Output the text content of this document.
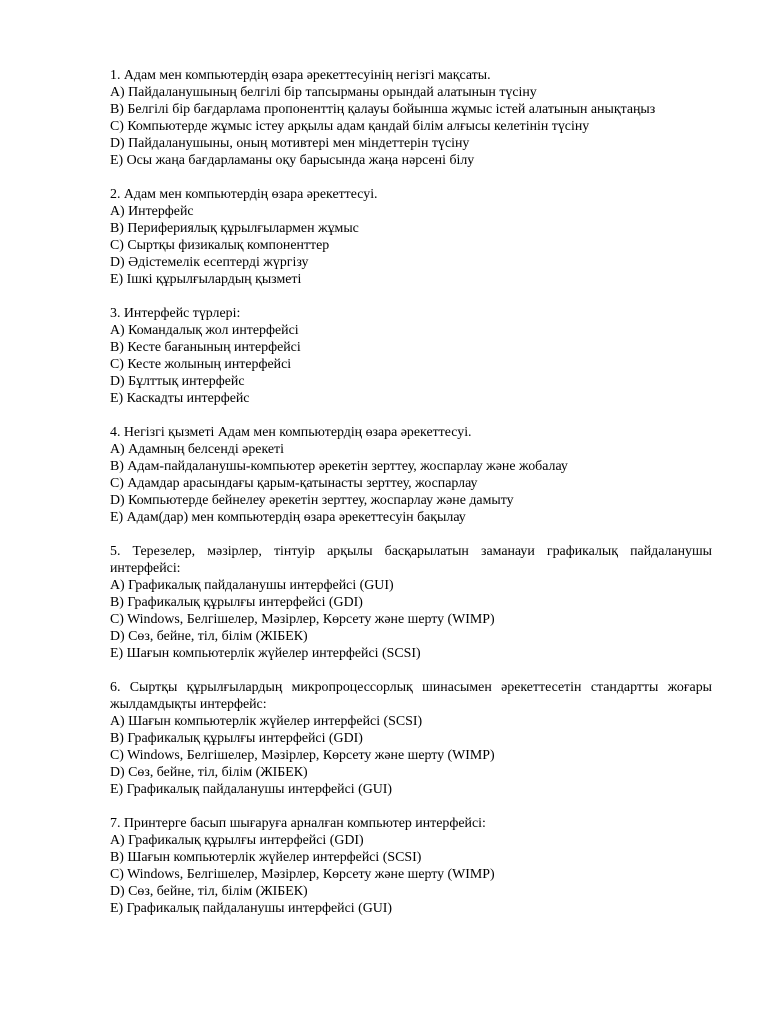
1. Адам мен компьютердің өзара әрекеттесуінің негізгі мақсаты.
A) Пайдаланушының белгілі бір тапсырманы орындай алатынын түсіну
B) Белгілі бір бағдарлама пропоненттің қалауы бойынша жұмыс істей алатынын анықтаңыз
C) Компьютерде жұмыс істеу арқылы адам қандай білім алғысы келетінін түсіну
D) Пайдаланушыны, оның мотивтері мен міндеттерін түсіну
E) Осы жаңа бағдарламаны оқу барысында жаңа нәрсені білу
2. Адам мен компьютердің өзара әрекеттесуі.
A) Интерфейс
B) Перифериялық құрылғылармен жұмыс
C) Сыртқы физикалық компоненттер
D) Әдістемелік есептерді жүргізу
E) Ішкі құрылғылардың қызметі
3. Интерфейс түрлері:
A) Командалық жол интерфейсі
B) Кесте бағанының интерфейсі
C) Кесте жолының интерфейсі
D) Бұлттық интерфейс
E) Каскадты интерфейс
4. Негізгі қызметі Адам мен компьютердің өзара әрекеттесуі.
A) Адамның белсенді әрекеті
B) Адам-пайдаланушы-компьютер әрекетін зерттеу, жоспарлау және жобалау
C) Адамдар арасындағы қарым-қатынасты зерттеу, жоспарлау
D) Компьютерде бейнелеу әрекетін зерттеу, жоспарлау және дамыту
E) Адам(дар) мен компьютердің өзара әрекеттесуін бақылау
5. Терезелер, мәзірлер, тінтуір арқылы басқарылатын заманауи графикалық пайдаланушы интерфейсі:
A) Графикалық пайдаланушы интерфейсі (GUI)
B) Графикалық құрылғы интерфейсі (GDI)
C) Windows, Белгішелер, Мәзірлер, Көрсету және шерту (WIMP)
D) Сөз, бейне, тіл, білім (ЖІБЕК)
E) Шағын компьютерлік жүйелер интерфейсі (SCSI)
6. Сыртқы құрылғылардың микропроцессорлық шинасымен әрекеттесетін стандартты жоғары жылдамдықты интерфейс:
A) Шағын компьютерлік жүйелер интерфейсі (SCSI)
B) Графикалық құрылғы интерфейсі (GDI)
C) Windows, Белгішелер, Мәзірлер, Көрсету және шерту (WIMP)
D) Сөз, бейне, тіл, білім (ЖІБЕК)
E) Графикалық пайдаланушы интерфейсі (GUI)
7. Принтерге басып шығаруға арналған компьютер интерфейсі:
A) Графикалық құрылғы интерфейсі (GDI)
B) Шағын компьютерлік жүйелер интерфейсі (SCSI)
C) Windows, Белгішелер, Мәзірлер, Көрсету және шерту (WIMP)
D) Сөз, бейне, тіл, білім (ЖІБЕК)
E) Графикалық пайдаланушы интерфейсі (GUI)
